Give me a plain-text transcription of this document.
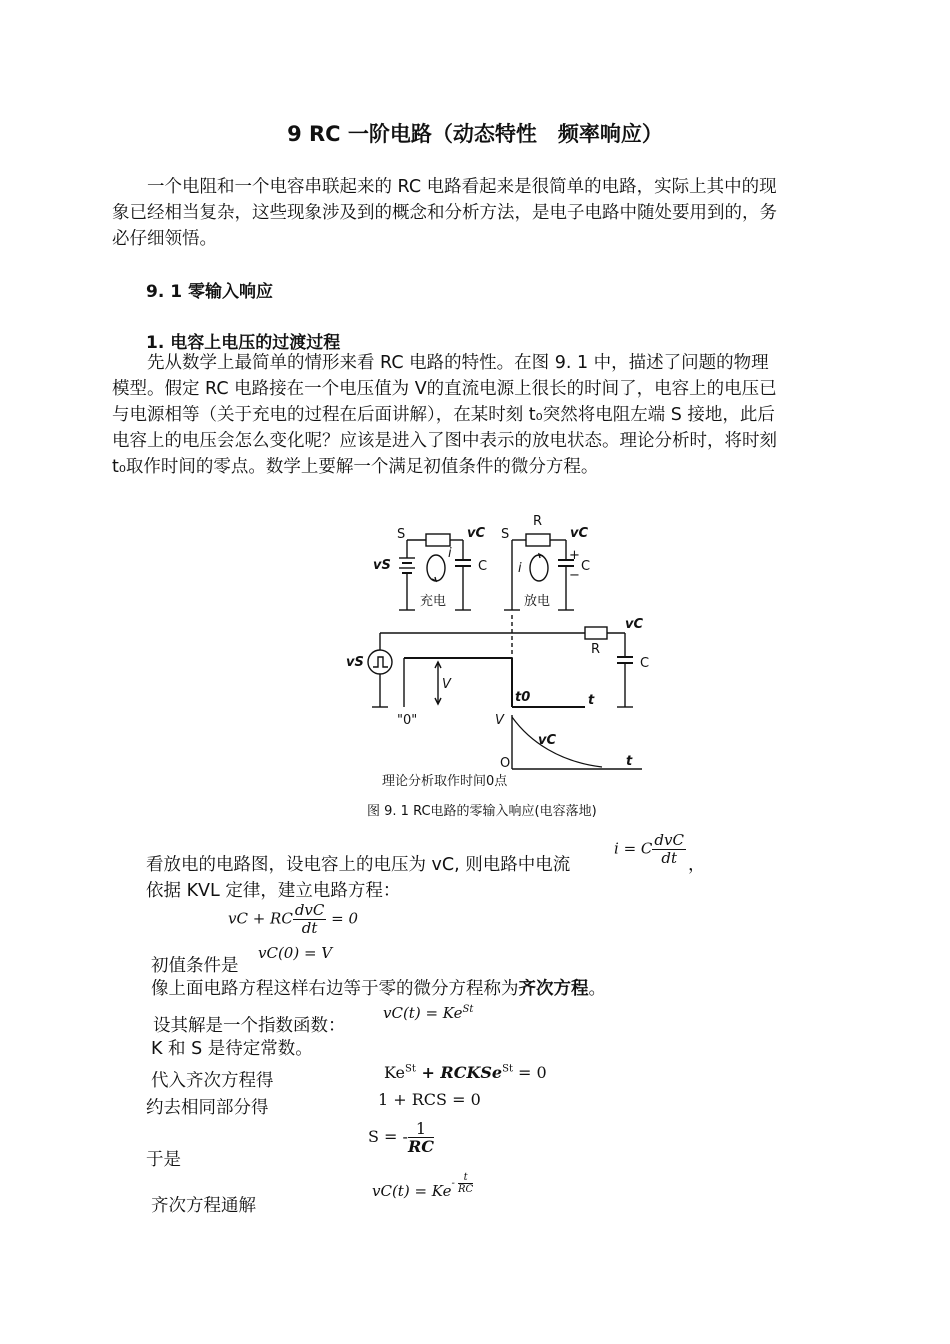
9 RC 一阶电路（动态特性　频率响应）
一个电阻和一个电容串联起来的 RC 电路看起来是很简单的电路，实际上其中的现象已经相当复杂，这些现象涉及到的概念和分析方法，是电子电路中随处要用到的，务必仔细领悟。
9. 1 零输入响应
1. 电容上电压的过渡过程
先从数学上最简单的情形来看 RC 电路的特性。在图 9. 1 中，描述了问题的物理模型。假定 RC 电路接在一个电压值为 V的直流电源上很长的时间了，电容上的电压已与电源相等（关于充电的过程在后面讲解），在某时刻 t₀突然将电阻左端 S 接地，此后电容上的电压会怎么变化呢？应该是进入了图中表示的放电状态。理论分析时，将时刻 t₀取作时间的零点。数学上要解一个满足初值条件的微分方程。
S	vC
i
C
vS
充电
S
R
vC
i
+
−
C
放电
vC
R
C
vS
V
t0	t
"0"	V
vC
O	t
理论分析取作时间0点
图 9. 1 RC电路的零输入响应(电容落地)
看放电的电路图，设电容上的电压为 vC, 则电路中电流
i = C $\frac{\text{dvC}}{dt}$ ，
依据 KVL 定律，建立电路方程：
vC + RC $\frac{\text{dvC}}{dt} = 0$
初值条件是
vC(0) = V
像上面电路方程这样右边等于零的微分方程称为齐次方程。
设其解是一个指数函数：
$vC(t) = Ke^{St}$
K 和 S 是待定常数。
代入齐次方程得	$Ke^{St}$ + RCKSe$^{St}$ = 0
约去相同部分得	1 + RCS = 0
S = - $\frac{1}{RC}$
于是
齐次方程通解
$vC(t) = Ke- \frac{t}{RC}$
